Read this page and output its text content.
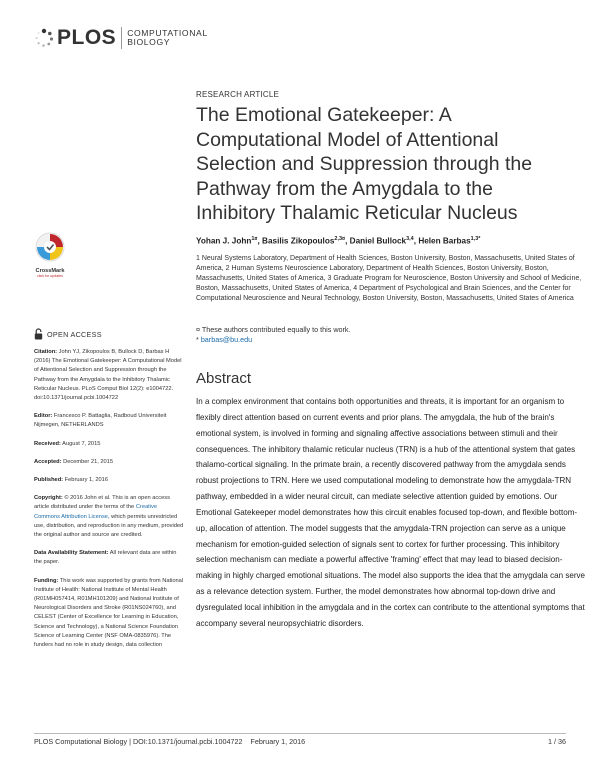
PLOS COMPUTATIONAL
BIOLOGY
RESEARCH ARTICLE
The Emotional Gatekeeper: A Computational Model of Attentional Selection and Suppression through the Pathway from the Amygdala to the Inhibitory Thalamic Reticular Nucleus
Yohan J. John$^{1¤}$, Basilis Zikopoulos$^{2,3¤}$, Daniel Bullock$^{3,4}$, Helen Barbas$^{1,3*}$

1 Neural Systems Laboratory, Department of Health Sciences, Boston University, Boston, Massachusetts, United States of America, 2 Human Systems Neuroscience Laboratory, Department of Health Sciences, Boston University, Boston, Massachusetts, United States of America, 3 Graduate Program for Neuroscience, Boston University and School of Medicine, Boston, Massachusetts, United States of America, 4 Department of Psychological and Brain Sciences, and the Center for Computational Neuroscience and Neural Technology, Boston University, Boston, Massachusetts, United States of America

¤ These authors contributed equally to this work.
* barbas@bu.edu
Abstract

In a complex environment that contains both opportunities and threats, it is important for an organism to flexibly direct attention based on current events and prior plans. The amygdala, the hub of the brain's emotional system, is involved in forming and signaling affective associations between stimuli and their consequences. The inhibitory thalamic reticular nucleus (TRN) is a hub of the attentional system that gates thalamo-cortical signaling. In the primate brain, a recently discovered pathway from the amygdala sends robust projections to TRN. Here we used computational modeling to demonstrate how the amygdala-TRN pathway, embedded in a wider neural circuit, can mediate selective attention guided by emotions. Our Emotional Gatekeeper model demonstrates how this circuit enables focused top-down, and flexible bottom-up, allocation of attention. The model suggests that the amygdala-TRN projection can serve as a unique mechanism for emotion-guided selection of signals sent to cortex for further processing. This inhibitory selection mechanism can mediate a powerful affective 'framing' effect that may lead to biased decision-making in highly charged emotional situations. The model also supports the idea that the amygdala can serve as a relevance detection system. Further, the model demonstrates how abnormal top-down drive and dysregulated local inhibition in the amygdala and in the cortex can contribute to the attentional symptoms that accompany several neuropsychiatric disorders.

CrossMark
click for updates
OPEN ACCESS

Citation: John YJ, Zikopoulos B, Bullock D, Barbas H (2016) The Emotional Gatekeeper: A Computational Model of Attentional Selection and Suppression through the Pathway from the Amygdala to the Inhibitory Thalamic Reticular Nucleus. PLoS Comput Biol 12(2): e1004722. doi:10.1371/journal.pcbi.1004722

Editor: Francesco P. Battaglia, Radboud Universiteit Nijmegen, NETHERLANDS

Received: August 7, 2015

Accepted: December 21, 2015

Published: February 1, 2016

Copyright: © 2016 John et al. This is an open access article distributed under the terms of the Creative Commons Attribution License, which permits unrestricted use, distribution, and reproduction in any medium, provided the original author and source are credited.

Data Availability Statement: All relevant data are within the paper.

Funding: This work was supported by grants from National Institute of Health: National Institute of Mental Health (R01MH057414, R01MH101209) and National Institute of Neurological Disorders and Stroke (R01NS024760), and CELEST (Center of Excellence for Learning in Education, Science and Technology), a National Science Foundation Science of Learning Center (NSF OMA-0835976). The funders had no role in study design, data collection

PLOS Computational Biology | DOI:10.1371/journal.pcbi.1004722    February 1, 2016	1 / 36
